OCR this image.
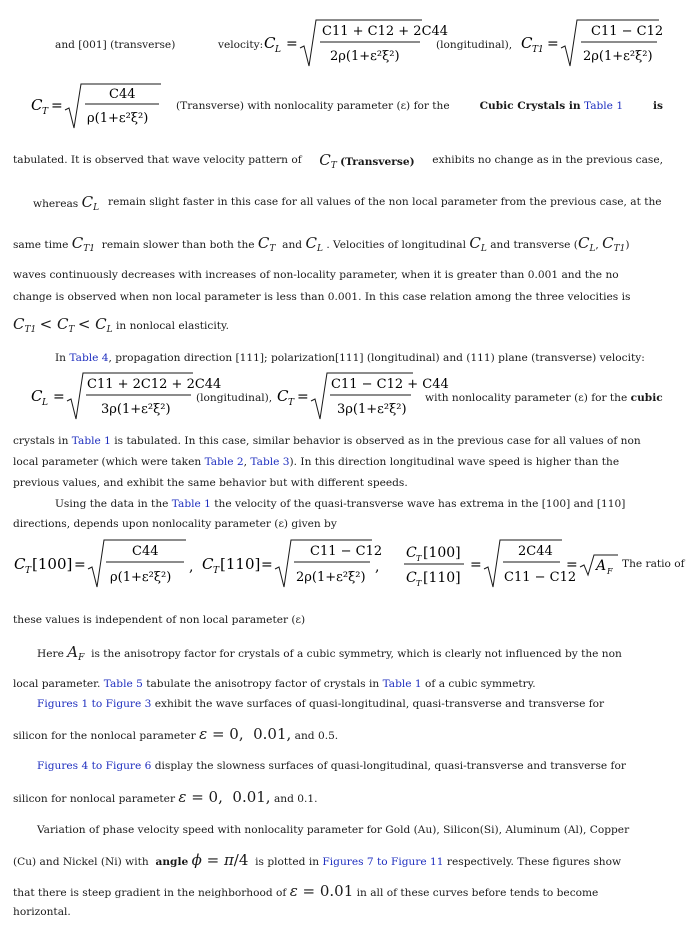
and [001] (transverse)	velocity: C L =
C11 + C12 + 2C44
2ρ(1+ε²ξ²)
(longitudinal), C T1 =
C11 − C12
2ρ(1+ε²ξ²)
C T =
C44
ρ(1+ε²ξ²)
(Transverse) with nonlocality parameter (ε) for the	Cubic Crystals in Table 1	is
tabulated. It is observed that wave velocity pattern of $C_T$ (Transverse) exhibits no change as in the previous case,
whereas $C_L$ remain slight faster in this case for all values of the non local parameter from the previous case, at the
same time $C_{T1}$ remain slower than both the $C_T$ and $C_L$ . Velocities of longitudinal $C_L$ and transverse ($C_L$, $C_{T1}$)
waves continuously decreases with increases of non-locality parameter, when it is greater than 0.001 and the no
change is observed when non local parameter is less than 0.001. In this case relation among the three velocities is
$C_{T1} < C_T < C_L$ in nonlocal elasticity.
In Table 4, propagation direction [111]; polarization[111] (longitudinal) and (111) plane (transverse) velocity:
C L =
C11 + 2C12 + 2C44
3ρ(1+ε²ξ²)
(longitudinal), C T =
C11 − C12 + C44
3ρ(1+ε²ξ²)
with nonlocality parameter (ε) for the cubic
crystals in Table 1 is tabulated. In this case, similar behavior is observed as in the previous case for all values of non
local parameter (which were taken Table 2, Table 3). In this direction longitudinal wave speed is higher than the
previous values, and exhibit the same behavior but with different speeds.
Using the data in the Table 1 the velocity of the quasi-transverse wave has extrema in the [100] and [110]
directions, depends upon nonlocality parameter (ε) given by
C T [100] =
C44
ρ(1+ε²ξ²)
, C T [110] =
C11 − C12
2ρ(1+ε²ξ²)
,
C T [100]
C T [110]
=
2C44
C11 − C12
= A F
The ratio of
these values is independent of non local parameter (ε)
Here $A_F$ is the anisotropy factor for crystals of a cubic symmetry, which is clearly not influenced by the non
local parameter. Table 5 tabulate the anisotropy factor of crystals in Table 1 of a cubic symmetry.
Figures 1 to Figure 3 exhibit the wave surfaces of quasi-longitudinal, quasi-transverse and transverse for
silicon for the nonlocal parameter ε = 0,  0.01, and 0.5.
Figures 4 to Figure 6 display the slowness surfaces of quasi-longitudinal, quasi-transverse and transverse for
silicon for nonlocal parameter ε = 0,  0.01, and 0.1.
Variation of phase velocity speed with nonlocality parameter for Gold (Au), Silicon(Si), Aluminum (Al), Copper
(Cu) and Nickel (Ni) with angle ϕ = π/4 is plotted in Figures 7 to Figure 11 respectively. These figures show
that there is steep gradient in the neighborhood of ε = 0.01 in all of these curves before tends to become
horizontal.
